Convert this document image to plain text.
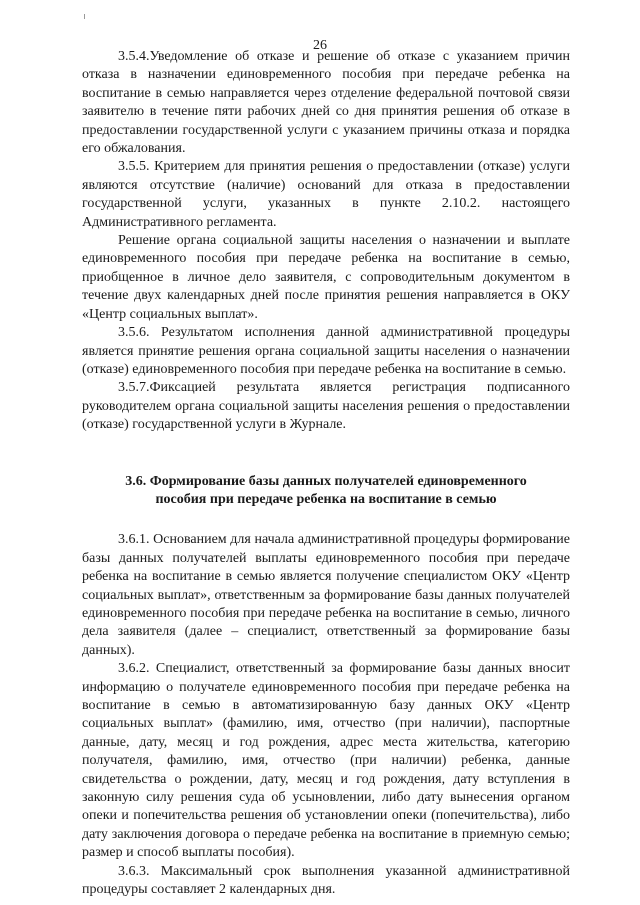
26

3.5.4.Уведомление об отказе и решение об отказе с указанием причин отказа в назначении единовременного пособия при передаче ребенка на воспитание в семью направляется через отделение федеральной почтовой связи заявителю в течение пяти рабочих дней со дня принятия решения об отказе в предоставлении государственной услуги с указанием причины отказа и порядка его обжалования.

3.5.5. Критерием для принятия решения о предоставлении (отказе) услуги являются отсутствие (наличие) оснований для отказа в предоставлении государственной услуги, указанных в пункте 2.10.2. настоящего Административного регламента.

Решение органа социальной защиты населения о назначении и выплате единовременного пособия при передаче ребенка на воспитание в семью, приобщенное в личное дело заявителя, с сопроводительным документом в течение двух календарных дней после принятия решения направляется в ОКУ «Центр социальных выплат».

3.5.6. Результатом исполнения данной административной процедуры является принятие решения органа социальной защиты населения о назначении (отказе) единовременного пособия при передаче ребенка на воспитание в семью.

3.5.7.Фиксацией результата является регистрация подписанного руководителем органа социальной защиты населения решения о предоставлении (отказе) государственной услуги в Журнале.

3.6. Формирование базы данных получателей единовременного
пособия при передаче ребенка на воспитание в семью

3.6.1. Основанием для начала административной процедуры формирование базы данных получателей выплаты единовременного пособия при передаче ребенка на воспитание в семью является получение специалистом ОКУ «Центр социальных выплат», ответственным за формирование базы данных получателей единовременного пособия при передаче ребенка на воспитание в семью, личного дела заявителя (далее – специалист, ответственный за формирование базы данных).

3.6.2. Специалист, ответственный за формирование базы данных вносит информацию о получателе единовременного пособия при передаче ребенка на воспитание в семью в автоматизированную базу данных ОКУ «Центр социальных выплат» (фамилию, имя, отчество (при наличии), паспортные данные, дату, месяц и год рождения, адрес места жительства, категорию получателя, фамилию, имя, отчество (при наличии) ребенка, данные свидетельства о рождении, дату, месяц и год рождения, дату вступления в законную силу решения суда об усыновлении, либо дату вынесения органом опеки и попечительства решения об установлении опеки (попечительства), либо дату заключения договора о передаче ребенка на воспитание в приемную семью; размер и способ выплаты пособия).

3.6.3. Максимальный срок выполнения указанной административной процедуры составляет 2 календарных дня.
